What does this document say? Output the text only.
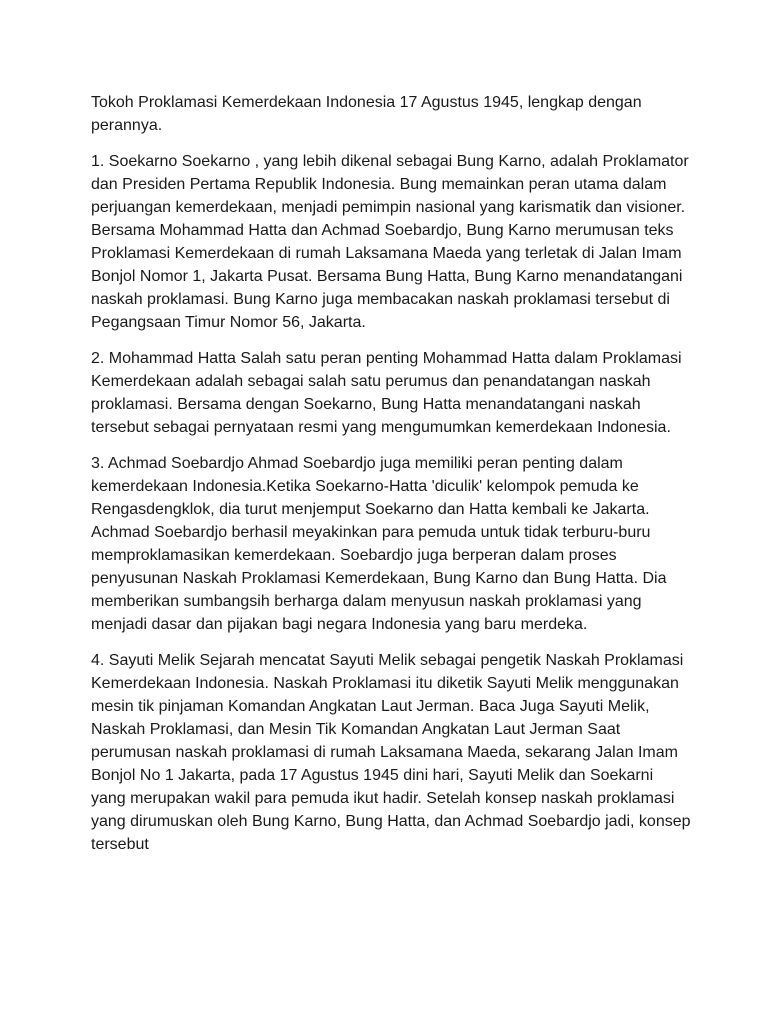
Tokoh Proklamasi Kemerdekaan Indonesia 17 Agustus 1945, lengkap dengan perannya.

1. Soekarno Soekarno , yang lebih dikenal sebagai Bung Karno, adalah Proklamator dan Presiden Pertama Republik Indonesia. Bung memainkan peran utama dalam perjuangan kemerdekaan, menjadi pemimpin nasional yang karismatik dan visioner. Bersama Mohammad Hatta dan Achmad Soebardjo, Bung Karno merumusan teks Proklamasi Kemerdekaan di rumah Laksamana Maeda yang terletak di Jalan Imam Bonjol Nomor 1, Jakarta Pusat. Bersama Bung Hatta, Bung Karno menandatangani naskah proklamasi. Bung Karno juga membacakan naskah proklamasi tersebut di Pegangsaan Timur Nomor 56, Jakarta.

2. Mohammad Hatta Salah satu peran penting Mohammad Hatta dalam Proklamasi Kemerdekaan adalah sebagai salah satu perumus dan penandatangan naskah proklamasi. Bersama dengan Soekarno, Bung Hatta menandatangani naskah tersebut sebagai pernyataan resmi yang mengumumkan kemerdekaan Indonesia.

3. Achmad Soebardjo Ahmad Soebardjo juga memiliki peran penting dalam kemerdekaan Indonesia.Ketika Soekarno-Hatta 'diculik' kelompok pemuda ke Rengasdengklok, dia turut menjemput Soekarno dan Hatta kembali ke Jakarta. Achmad Soebardjo berhasil meyakinkan para pemuda untuk tidak terburu-buru memproklamasikan kemerdekaan. Soebardjo juga berperan dalam proses penyusunan Naskah Proklamasi Kemerdekaan, Bung Karno dan Bung Hatta. Dia memberikan sumbangsih berharga dalam menyusun naskah proklamasi yang menjadi dasar dan pijakan bagi negara Indonesia yang baru merdeka.

4. Sayuti Melik Sejarah mencatat Sayuti Melik sebagai pengetik Naskah Proklamasi Kemerdekaan Indonesia. Naskah Proklamasi itu diketik Sayuti Melik menggunakan mesin tik pinjaman Komandan Angkatan Laut Jerman. Baca Juga Sayuti Melik, Naskah Proklamasi, dan Mesin Tik Komandan Angkatan Laut Jerman Saat perumusan naskah proklamasi di rumah Laksamana Maeda, sekarang Jalan Imam Bonjol No 1 Jakarta, pada 17 Agustus 1945 dini hari, Sayuti Melik dan Soekarni yang merupakan wakil para pemuda ikut hadir. Setelah konsep naskah proklamasi yang dirumuskan oleh Bung Karno, Bung Hatta, dan Achmad Soebardjo jadi, konsep tersebut
